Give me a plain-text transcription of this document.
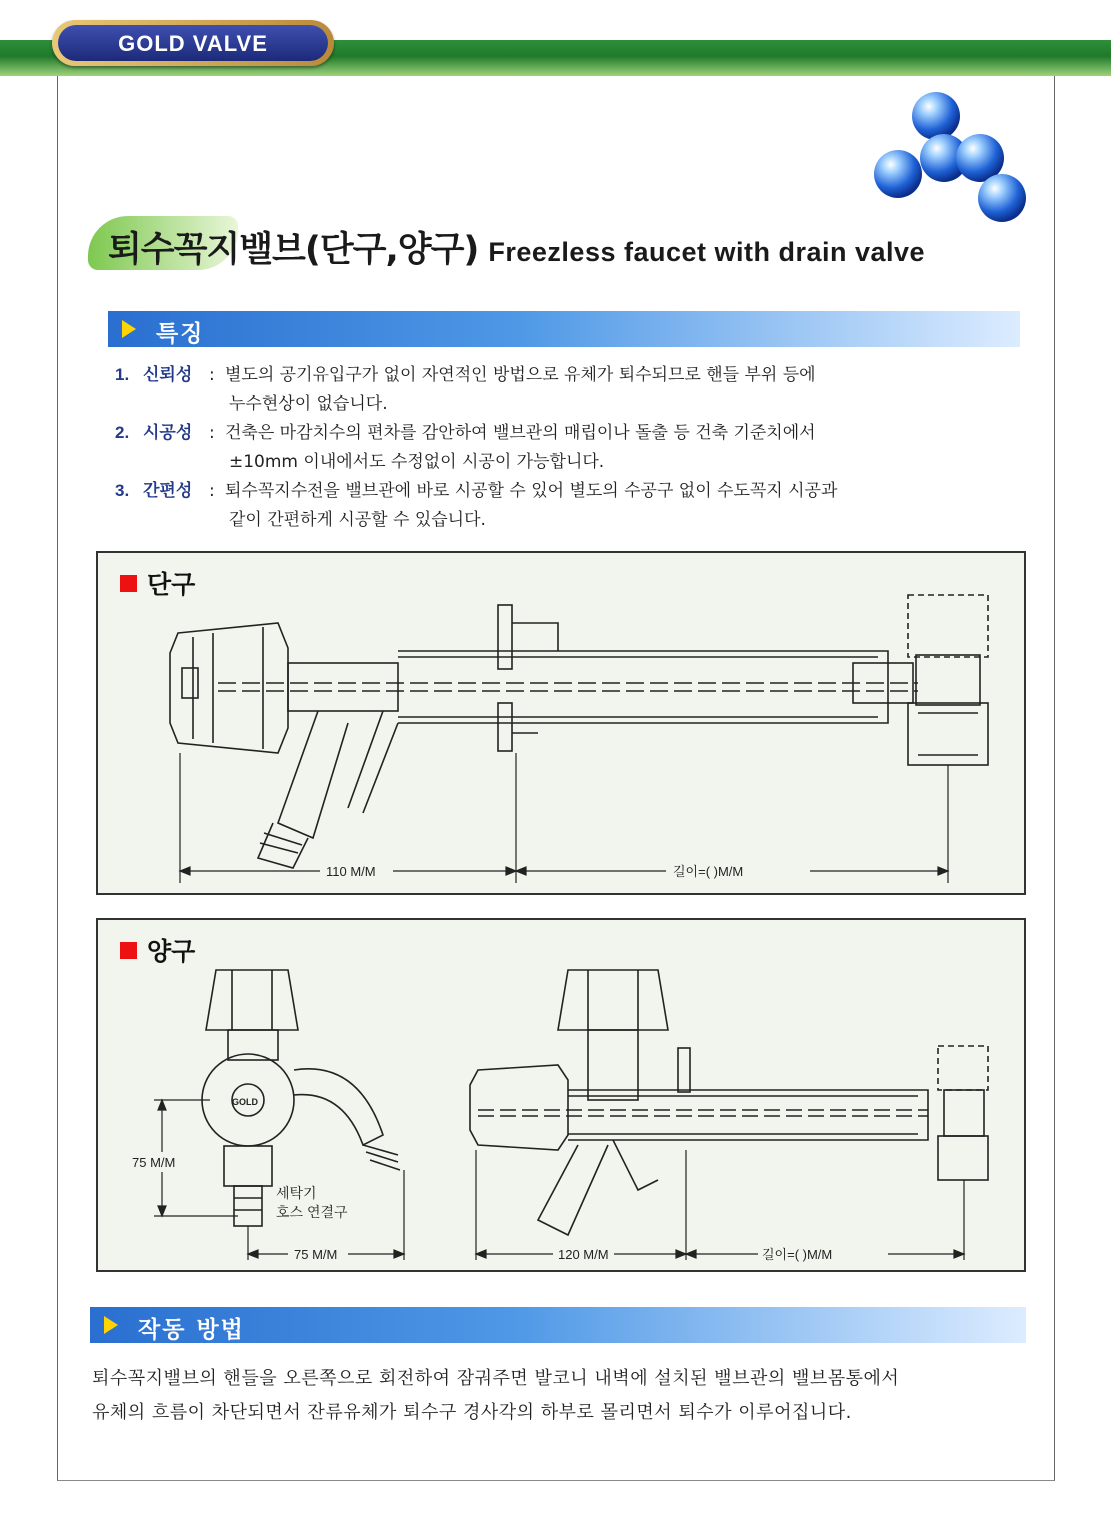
GOLD VALVE
퇴수꼭지밸브(단구,양구) Freezless faucet with drain valve
특징
1. 신뢰성 : 별도의 공기유입구가 없이 자연적인 방법으로 유체가 퇴수되므로 핸들 부위 등에
누수현상이 없습니다.
2. 시공성 : 건축은 마감치수의 편차를 감안하여 밸브관의 매립이나 돌출 등 건축 기준치에서
±10mm 이내에서도 수정없이 시공이 가능합니다.
3. 간편성 : 퇴수꼭지수전을 밸브관에 바로 시공할 수 있어 별도의 수공구 없이 수도꼭지 시공과
같이 간편하게 시공할 수 있습니다.
단구
110 M/M	길이=( )M/M
양구
GOLD
75 M/M
75 M/M
세탁기
호스 연결구
120 M/M	길이=( )M/M
작동 방법
퇴수꼭지밸브의 핸들을 오른쪽으로 회전하여 잠궈주면 발코니 내벽에 설치된 밸브관의 밸브몸통에서
유체의 흐름이 차단되면서 잔류유체가 퇴수구 경사각의 하부로 몰리면서 퇴수가 이루어집니다.
